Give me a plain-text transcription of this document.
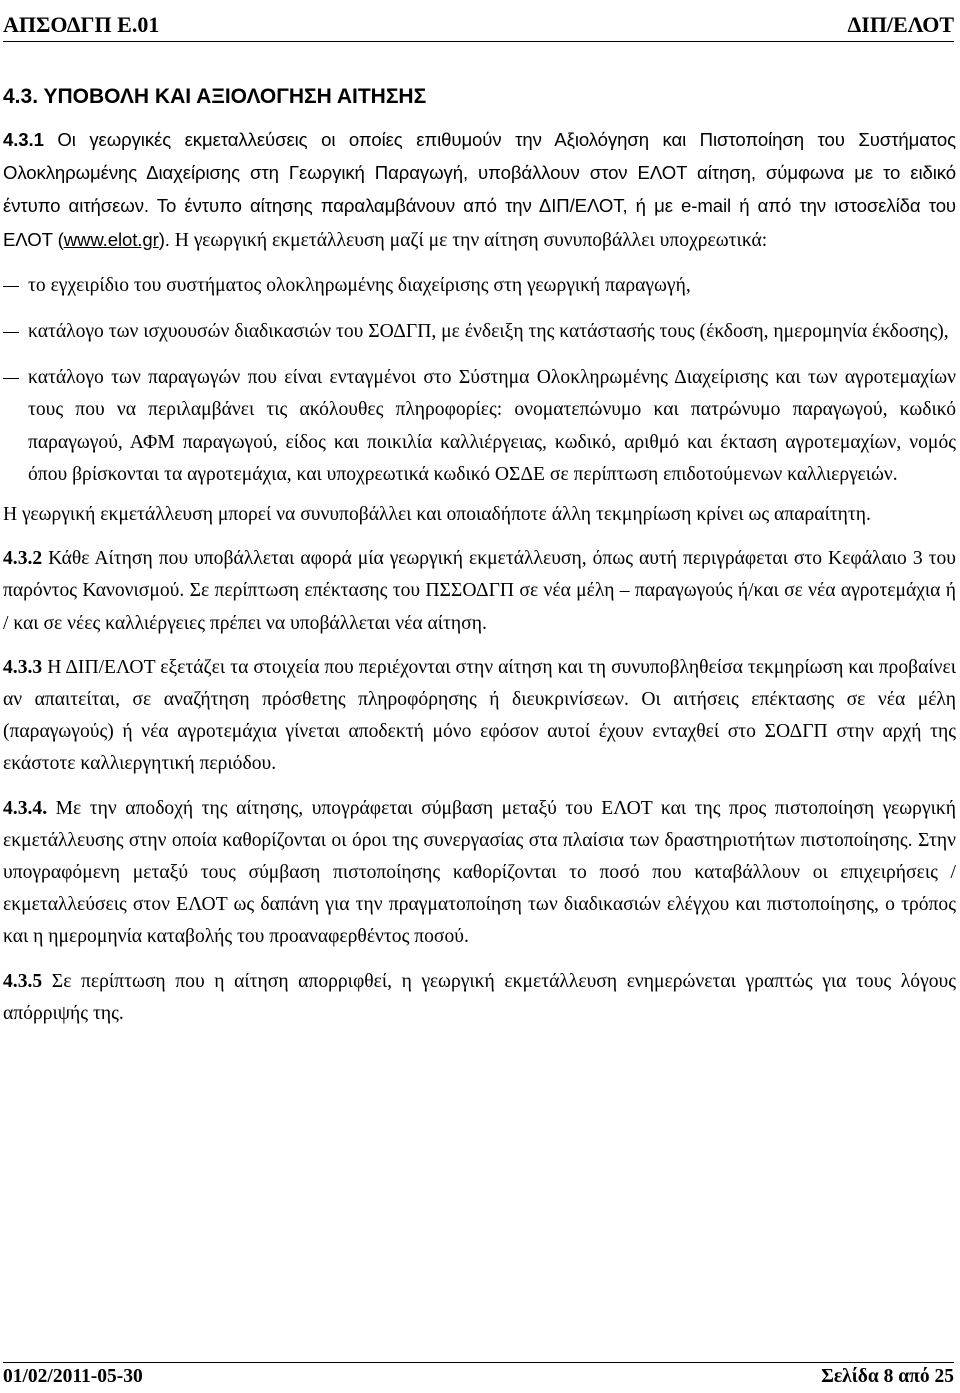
ΑΠΣΟΔΓΠ Ε.01	ΔΙΠ/ΕΛΟΤ
4.3. ΥΠΟΒΟΛΗ ΚΑΙ ΑΞΙΟΛΟΓΗΣΗ ΑΙΤΗΣΗΣ

4.3.1 Οι γεωργικές εκμεταλλεύσεις οι οποίες επιθυμούν την Αξιολόγηση και Πιστοποίηση του Συστήματος Ολοκληρωμένης Διαχείρισης στη Γεωργική Παραγωγή, υποβάλλουν στον ΕΛΟΤ αίτηση, σύμφωνα με το ειδικό έντυπο αιτήσεων. Το έντυπο αίτησης παραλαμβάνουν από την ΔΙΠ/ΕΛΟΤ, ή με e-mail ή από την ιστοσελίδα του ΕΛΟΤ (www.elot.gr). Η γεωργική εκμετάλλευση μαζί με την αίτηση συνυποβάλλει υποχρεωτικά:

το εγχειρίδιο του συστήματος ολοκληρωμένης διαχείρισης στη γεωργική παραγωγή,
κατάλογο των ισχυουσών διαδικασιών του ΣΟΔΓΠ, με ένδειξη της κατάστασής τους (έκδοση, ημερομηνία έκδοσης),
κατάλογο των παραγωγών που είναι ενταγμένοι στο Σύστημα Ολοκληρωμένης Διαχείρισης και των αγροτεμαχίων τους που να περιλαμβάνει τις ακόλουθες πληροφορίες: ονοματεπώνυμο και πατρώνυμο παραγωγού, κωδικό παραγωγού, ΑΦΜ παραγωγού, είδος και ποικιλία καλλιέργειας, κωδικό, αριθμό και έκταση αγροτεμαχίων, νομός όπου βρίσκονται τα αγροτεμάχια, και υποχρεωτικά κωδικό ΟΣΔΕ σε περίπτωση επιδοτούμενων καλλιεργειών.

Η γεωργική εκμετάλλευση μπορεί να συνυποβάλλει και οποιαδήποτε άλλη τεκμηρίωση κρίνει ως απαραίτητη.

4.3.2 Κάθε Αίτηση που υποβάλλεται αφορά μία γεωργική εκμετάλλευση, όπως αυτή περιγράφεται στο Κεφάλαιο 3 του παρόντος Κανονισμού. Σε περίπτωση επέκτασης του ΠΣΣΟΔΓΠ σε νέα μέλη – παραγωγούς ή/και σε νέα αγροτεμάχια ή / και σε νέες καλλιέργειες πρέπει να υποβάλλεται νέα αίτηση.

4.3.3 Η ΔΙΠ/ΕΛΟΤ εξετάζει τα στοιχεία που περιέχονται στην αίτηση και τη συνυποβληθείσα τεκμηρίωση και προβαίνει αν απαιτείται, σε αναζήτηση πρόσθετης πληροφόρησης ή διευκρινίσεων. Οι αιτήσεις επέκτασης σε νέα μέλη (παραγωγούς) ή νέα αγροτεμάχια γίνεται αποδεκτή μόνο εφόσον αυτοί έχουν ενταχθεί στο ΣΟΔΓΠ στην αρχή της εκάστοτε καλλιεργητική περιόδου.

4.3.4. Με την αποδοχή της αίτησης, υπογράφεται σύμβαση μεταξύ του ΕΛΟΤ και της προς πιστοποίηση γεωργική εκμετάλλευσης στην οποία καθορίζονται οι όροι της συνεργασίας στα πλαίσια των δραστηριοτήτων πιστοποίησης. Στην υπογραφόμενη μεταξύ τους σύμβαση πιστοποίησης καθορίζονται το ποσό που καταβάλλουν οι επιχειρήσεις /εκμεταλλεύσεις στον ΕΛΟΤ ως δαπάνη για την πραγματοποίηση των διαδικασιών ελέγχου και πιστοποίησης, ο τρόπος και η ημερομηνία καταβολής του προαναφερθέντος ποσού.

4.3.5 Σε περίπτωση που η αίτηση απορριφθεί, η γεωργική εκμετάλλευση ενημερώνεται γραπτώς για τους λόγους απόρριψής της.

01/02/2011-05-30	Σελίδα 8 από 25
